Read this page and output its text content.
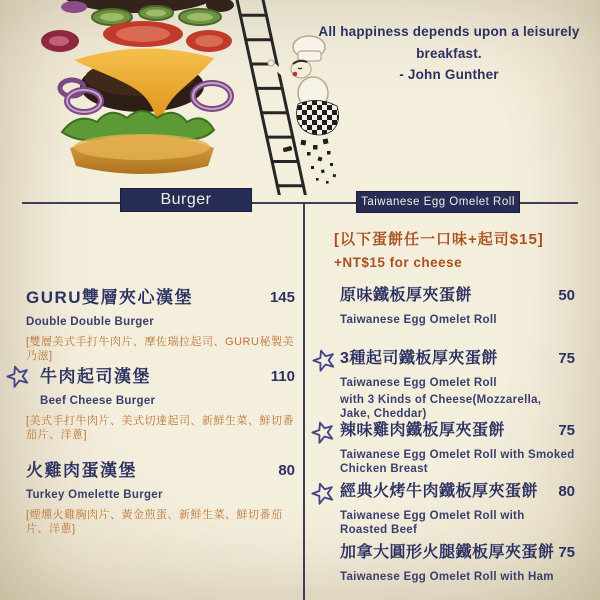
All happiness depends upon a leisurely breakfast.
- John Gunther
Burger	Taiwanese Egg Omelet Roll
[以下蛋餅任一口味+起司$15]
+NT$15 for cheese
GURU雙層夾心漢堡	145
Double Double Burger
[雙層美式手打牛肉片、摩佐瑞拉起司、GURU秘製美乃滋]
牛肉起司漢堡	110
Beef Cheese Burger
[美式手打牛肉片、美式切達起司、新鮮生菜、鮮切番茄片、洋蔥]
火雞肉蛋漢堡	80
Turkey Omelette Burger
[煙燻火雞胸肉片、黃金煎蛋、新鮮生菜、鮮切番茄片、洋蔥]
原味鐵板厚夾蛋餅	50
Taiwanese Egg Omelet Roll
3種起司鐵板厚夾蛋餅	75
Taiwanese Egg Omelet Roll
with 3 Kinds of Cheese(Mozzarella, Jake, Cheddar)
辣味雞肉鐵板厚夾蛋餅	75
Taiwanese Egg Omelet Roll with Smoked Chicken Breast
經典火烤牛肉鐵板厚夾蛋餅	80
Taiwanese Egg Omelet Roll with Roasted Beef
加拿大圓形火腿鐵板厚夾蛋餅 75
Taiwanese Egg Omelet Roll with Ham
